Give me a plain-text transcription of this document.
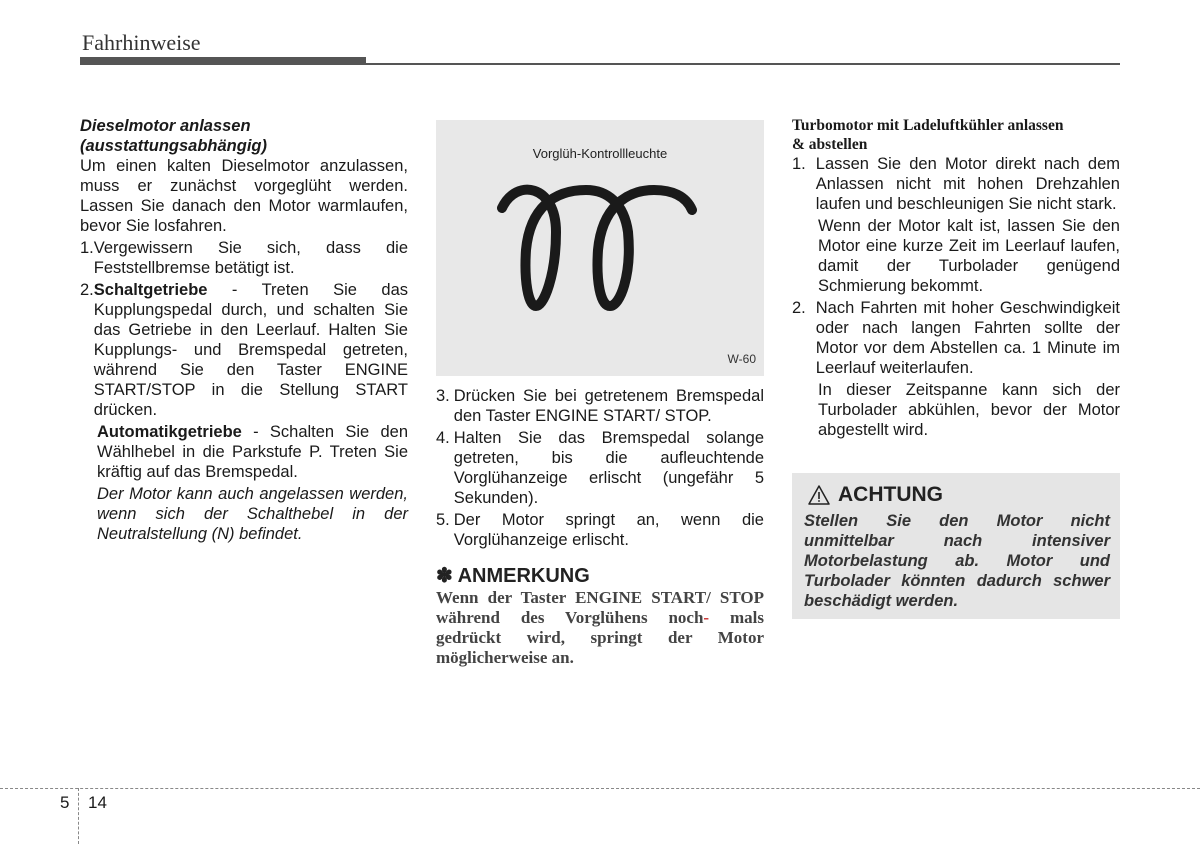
Fahrhinweise
Dieselmotor anlassen
(ausstattungsabhängig)
Um einen kalten Dieselmotor anzulassen, muss er zunächst vorgeglüht werden. Lassen Sie danach den Motor warmlaufen, bevor Sie losfahren.
1. Vergewissern Sie sich, dass die Feststellbremse betätigt ist.
2. Schaltgetriebe - Treten Sie das Kupplungspedal durch, und schalten Sie das Getriebe in den Leerlauf. Halten Sie Kupplungs- und Bremspedal getreten, während Sie den Taster ENGINE START/STOP in die Stellung START drücken.
Automatikgetriebe - Schalten Sie den Wählhebel in die Parkstufe P. Treten Sie kräftig auf das Bremspedal.
Der Motor kann auch angelassen werden, wenn sich der Schalthebel in der Neutralstellung (N) befindet.
Vorglüh-Kontrollleuchte
W-60
3. Drücken Sie bei getretenem Bremspedal den Taster ENGINE START/ STOP.
4. Halten Sie das Bremspedal solange getreten, bis die aufleuchtende Vorglühanzeige erlischt (ungefähr 5 Sekunden).
5. Der Motor springt an, wenn die Vorglühanzeige erlischt.
✽ ANMERKUNG
Wenn der Taster ENGINE START/ STOP während des Vorglühens noch- mals gedrückt wird, springt der Motor möglicherweise an.
Turbomotor mit Ladeluftkühler anlassen
& abstellen
1. Lassen Sie den Motor direkt nach dem Anlassen nicht mit hohen Drehzahlen laufen und beschleunigen Sie nicht stark.
Wenn der Motor kalt ist, lassen Sie den Motor eine kurze Zeit im Leerlauf laufen, damit der Turbolader genügend Schmierung bekommt.
2. Nach Fahrten mit hoher Geschwindigkeit oder nach langen Fahrten sollte der Motor vor dem Abstellen ca. 1 Minute im Leerlauf weiterlaufen.
In dieser Zeitspanne kann sich der Turbolader abkühlen, bevor der Motor abgestellt wird.
ACHTUNG
Stellen Sie den Motor nicht unmittelbar nach intensiver Motorbelastung ab. Motor und Turbolader könnten dadurch schwer beschädigt werden.
5 14
